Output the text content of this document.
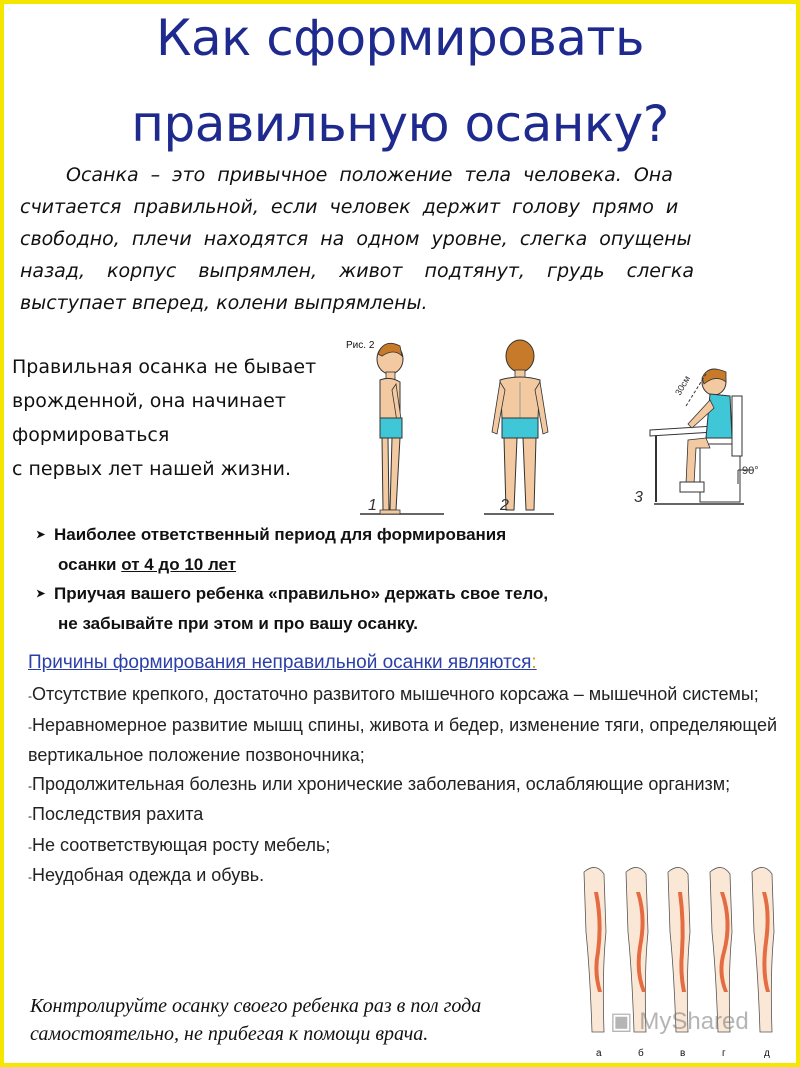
Как сформировать
правильную осанку?
Осанка – это привычное положение тела человека. Она
считается правильной, если человек держит голову прямо и
свободно, плечи находятся на одном уровне, слегка опущены
назад, корпус выпрямлен, живот подтянут, грудь слегка
выступает вперед, колени выпрямлены.
Правильная осанка не бывает
врожденной, она начинает
формироваться
с первых лет нашей жизни.
Рис. 2
1	2
30см
90°
3
➤ Наиболее ответственный период для формирования
осанки от 4 до 10 лет
➤ Приучая вашего ребенка «правильно» держать свое тело,
не забывайте при этом и про вашу осанку.
Причины формирования неправильной осанки являются:
-Отсутствие крепкого, достаточно развитого мышечного корсажа – мышечной системы;
-Неравномерное развитие мышц спины, живота и бедер, изменение тяги, определяющей вертикальное положение позвоночника;
-Продолжительная болезнь или хронические заболевания, ослабляющие организм;
-Последствия рахита
-Не соответствующая росту мебель;
-Неудобная одежда и обувь.
а	б	в	г	д
Контролируйте осанку своего ребенка раз в пол года
самостоятельно, не прибегая к помощи врача.	▣ MyShared
